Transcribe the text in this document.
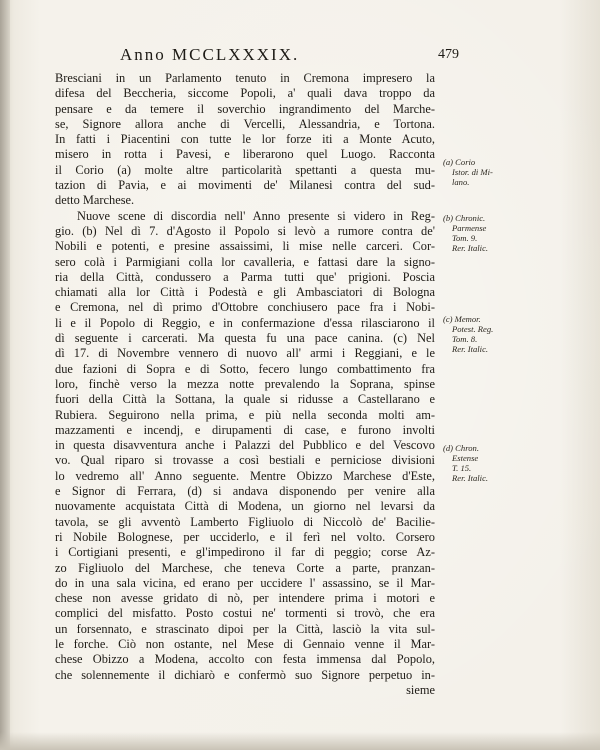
Anno MCCLXXXIX.	479
Bresciani in un Parlamento tenuto in Cremona impresero la
difesa del Beccheria, siccome Popoli, a' quali dava troppo da
pensare e da temere il soverchio ingrandimento del Marche-
se, Signore allora anche di Vercelli, Alessandria, e Tortona.
In fatti i Piacentini con tutte le lor forze iti a Monte Acuto,
misero in rotta i Pavesi, e liberarono quel Luogo. Racconta
il Corio (a) molte altre particolarità spettanti a questa mu-
tazion di Pavia, e ai movimenti de' Milanesi contra del sud-
detto Marchese.
Nuove scene di discordia nell' Anno presente si videro in Reg-
gio. (b) Nel dì 7. d'Agosto il Popolo si levò a rumore contra de'
Nobili e potenti, e presine assaissimi, li mise nelle carceri. Cor-
sero colà i Parmigiani colla lor cavalleria, e fattasi dare la signo-
ria della Città, condussero a Parma tutti que' prigioni. Poscia
chiamati alla lor Città i Podestà e gli Ambasciatori di Bologna
e Cremona, nel dì primo d'Ottobre conchiusero pace fra i Nobi-
li e il Popolo di Reggio, e in confermazione d'essa rilasciarono il
dì seguente i carcerati. Ma questa fu una pace canina. (c) Nel
dì 17. di Novembre vennero di nuovo all' armi i Reggiani, e le
due fazioni di Sopra e di Sotto, fecero lungo combattimento fra
loro, finchè verso la mezza notte prevalendo la Soprana, spinse
fuori della Città la Sottana, la quale si ridusse a Castellarano e
Rubiera. Seguirono nella prima, e più nella seconda molti am-
mazzamenti e incendj, e dirupamenti di case, e furono involti
in questa disavventura anche i Palazzi del Pubblico e del Vescovo
vo. Qual riparo si trovasse a così bestiali e perniciose divisioni
lo vedremo all' Anno seguente. Mentre Obizzo Marchese d'Este,
e Signor di Ferrara, (d) si andava disponendo per venire alla
nuovamente acquistata Città di Modena, un giorno nel levarsi da
tavola, se gli avventò Lamberto Figliuolo di Niccolò de' Bacilie-
ri Nobile Bolognese, per ucciderlo, e il ferì nel volto. Corsero
i Cortigiani presenti, e gl'impedirono il far di peggio; corse Az-
zo Figliuolo del Marchese, che teneva Corte a parte, pranzan-
do in una sala vicina, ed erano per uccidere l' assassino, se il Mar-
chese non avesse gridato di nò, per intendere prima i motori e
complici del misfatto. Posto costui ne' tormenti si trovò, che era
un forsennato, e strascinato dipoi per la Città, lasciò la vita sul-
le forche. Ciò non ostante, nel Mese di Gennaio venne il Mar-
chese Obizzo a Modena, accolto con festa immensa dal Popolo,
che solennemente il dichiarò e confermò suo Signore perpetuo in-
sieme
(a) Corio
Istor. di Mi-
lano.
(b) Chronic.
Parmense
Tom. 9.
Rer. Italic.
(c) Memor.
Potest. Reg.
Tom. 8.
Rer. Italic.
(d) Chron.
Estense
T. 15.
Rer. Italic.
